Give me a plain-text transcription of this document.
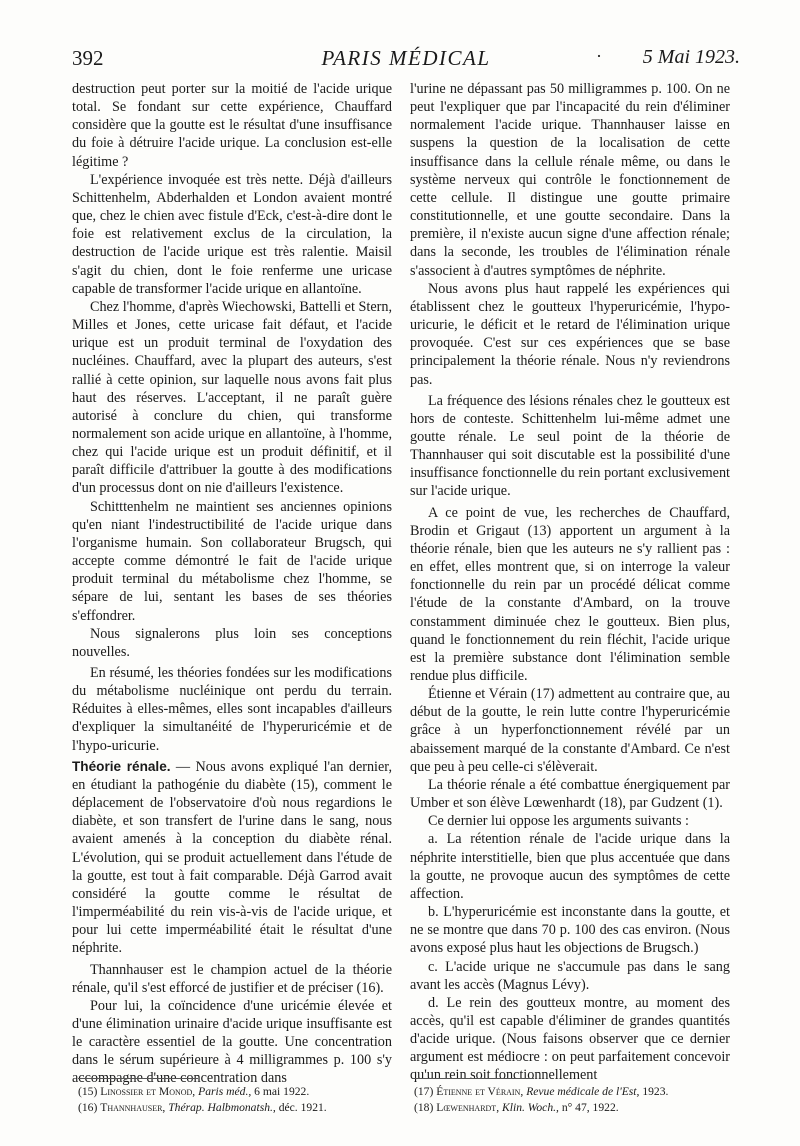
392	PARIS MÉDICAL	· 5 Mai 1923.

destruction peut porter sur la moitié de l'acide urique total. Se fondant sur cette expérience, Chauffard considère que la goutte est le résultat d'une insuffisance du foie à détruire l'acide urique. La conclusion est-elle légitime ?

L'expérience invoquée est très nette. Déjà d'ailleurs Schittenhelm, Abderhalden et London avaient montré que, chez le chien avec fistule d'Eck, c'est-à-dire dont le foie est relativement exclus de la circulation, la destruction de l'acide urique est très ralentie. Maisil s'agit du chien, dont le foie renferme une uricase capable de transformer l'acide urique en allantoïne.

Chez l'homme, d'après Wiechowski, Battelli et Stern, Milles et Jones, cette uricase fait défaut, et l'acide urique est un produit terminal de l'oxydation des nucléines. Chauffard, avec la plupart des auteurs, s'est rallié à cette opinion, sur laquelle nous avons fait plus haut des réserves. L'acceptant, il ne paraît guère autorisé à conclure du chien, qui transforme normalement son acide urique en allantoïne, à l'homme, chez qui l'acide urique est un produit définitif, et il paraît difficile d'attribuer la goutte à des modifications d'un processus dont on nie d'ailleurs l'existence.

Schitttenhelm ne maintient ses anciennes opinions qu'en niant l'indestructibilité de l'acide urique dans l'organisme humain. Son collaborateur Brugsch, qui accepte comme démontré le fait de l'acide urique produit terminal du métabolisme chez l'homme, se sépare de lui, sentant les bases de ses théories s'effondrer.

Nous signalerons plus loin ses conceptions nouvelles.

En résumé, les théories fondées sur les modifications du métabolisme nucléinique ont perdu du terrain. Réduites à elles-mêmes, elles sont incapables d'ailleurs d'expliquer la simultanéité de l'hyperuricémie et de l'hypo-uricurie.

Théorie rénale. — Nous avons expliqué l'an dernier, en étudiant la pathogénie du diabète (15), comment le déplacement de l'observatoire d'où nous regardions le diabète, et son transfert de l'urine dans le sang, nous avaient amenés à la conception du diabète rénal. L'évolution, qui se produit actuellement dans l'étude de la goutte, est tout à fait comparable. Déjà Garrod avait considéré la goutte comme le résultat de l'imperméabilité du rein vis-à-vis de l'acide urique, et pour lui cette imperméabilité était le résultat d'une néphrite.

Thannhauser est le champion actuel de la théorie rénale, qu'il s'est efforcé de justifier et de préciser (16).

Pour lui, la coïncidence d'une uricémie élevée et d'une élimination urinaire d'acide urique insuffisante est le caractère essentiel de la goutte. Une concentration dans le sérum supérieure à 4 milligrammes p. 100 s'y accompagne d'une concentration dans

l'urine ne dépassant pas 50 milligrammes p. 100. On ne peut l'expliquer que par l'incapacité du rein d'éliminer normalement l'acide urique. Thannhauser laisse en suspens la question de la localisation de cette insuffisance dans la cellule rénale même, ou dans le système nerveux qui contrôle le fonctionnement de cette cellule. Il distingue une goutte primaire constitutionnelle, et une goutte secondaire. Dans la première, il n'existe aucun signe d'une affection rénale; dans la seconde, les troubles de l'élimination rénale s'associent à d'autres symptômes de néphrite.

Nous avons plus haut rappelé les expériences qui établissent chez le goutteux l'hyperuricémie, l'hypo-uricurie, le déficit et le retard de l'élimination urique provoquée. C'est sur ces expériences que se base principalement la théorie rénale. Nous n'y reviendrons pas.

La fréquence des lésions rénales chez le goutteux est hors de conteste. Schittenhelm lui-même admet une goutte rénale. Le seul point de la théorie de Thannhauser qui soit discutable est la possibilité d'une insuffisance fonctionnelle du rein portant exclusivement sur l'acide urique.

A ce point de vue, les recherches de Chauffard, Brodin et Grigaut (13) apportent un argument à la théorie rénale, bien que les auteurs ne s'y rallient pas : en effet, elles montrent que, si on interroge la valeur fonctionnelle du rein par un procédé délicat comme l'étude de la constante d'Ambard, on la trouve constamment diminuée chez le goutteux. Bien plus, quand le fonctionnement du rein fléchit, l'acide urique est la première substance dont l'élimination semble rendue plus difficile.

Étienne et Vérain (17) admettent au contraire que, au début de la goutte, le rein lutte contre l'hyperuricémie grâce à un hyperfonctionnement révélé par un abaissement marqué de la constante d'Ambard. Ce n'est que peu à peu celle-ci s'élèverait.

La théorie rénale a été combattue énergiquement par Umber et son élève Lœwenhardt (18), par Gudzent (1).

Ce dernier lui oppose les arguments suivants :

a. La rétention rénale de l'acide urique dans la néphrite interstitielle, bien que plus accentuée que dans la goutte, ne provoque aucun des symptômes de cette affection.

b. L'hyperuricémie est inconstante dans la goutte, et ne se montre que dans 70 p. 100 des cas environ. (Nous avons exposé plus haut les objections de Brugsch.)

c. L'acide urique ne s'accumule pas dans le sang avant les accès (Magnus Lévy).

d. Le rein des goutteux montre, au moment des accès, qu'il est capable d'éliminer de grandes quantités d'acide urique. (Nous faisons observer que ce dernier argument est médiocre : on peut parfaitement concevoir qu'un rein soit fonctionnellement

(15) Linossier et Monod, Paris méd., 6 mai 1922.

(16) Thannhauser, Thérap. Halbmonatsh., déc. 1921.

(17) Étienne et Vérain, Revue médicale de l'Est, 1923.

(18) Lœwenhardt, Klin. Woch., n° 47, 1922.
